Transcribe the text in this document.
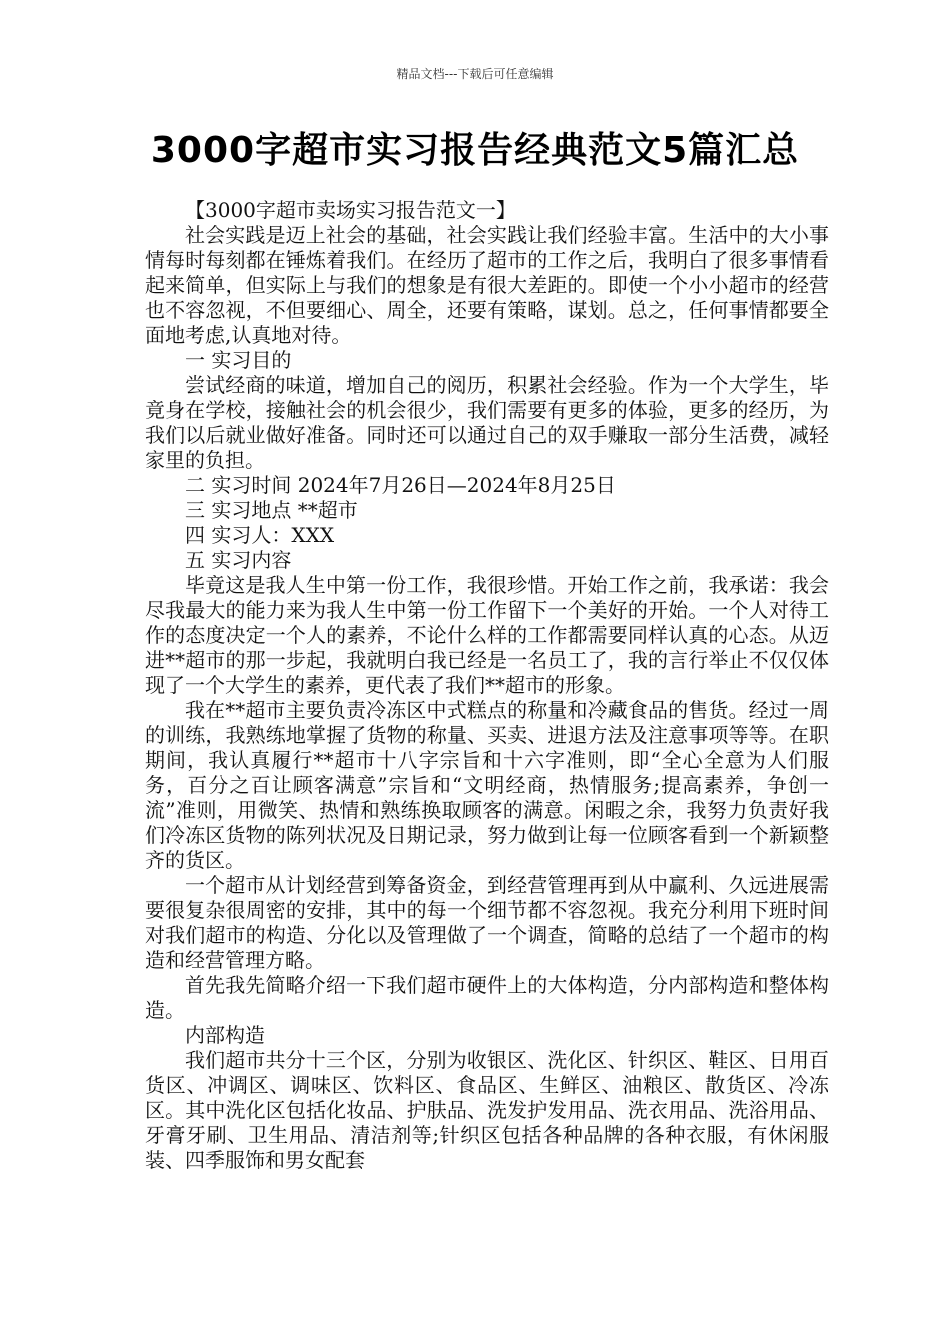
精品文档---下载后可任意编辑
3000字超市实习报告经典范文5篇汇总

【3000字超市卖场实习报告范文一】

社会实践是迈上社会的基础，社会实践让我们经验丰富。生活中的大小事情每时每刻都在锤炼着我们。在经历了超市的工作之后，我明白了很多事情看起来简单，但实际上与我们的想象是有很大差距的。即使一个小小超市的经营也不容忽视，不但要细心、周全，还要有策略，谋划。总之，任何事情都要全面地考虑,认真地对待。

一 实习目的

尝试经商的味道，增加自己的阅历，积累社会经验。作为一个大学生，毕竟身在学校，接触社会的机会很少，我们需要有更多的体验，更多的经历，为我们以后就业做好准备。同时还可以通过自己的双手赚取一部分生活费，减轻家里的负担。

二 实习时间 2024年7月26日—2024年8月25日

三 实习地点 **超市

四 实习人：XXX

五 实习内容

毕竟这是我人生中第一份工作，我很珍惜。开始工作之前，我承诺：我会尽我最大的能力来为我人生中第一份工作留下一个美好的开始。一个人对待工作的态度决定一个人的素养，不论什么样的工作都需要同样认真的心态。从迈进**超市的那一步起，我就明白我已经是一名员工了，我的言行举止不仅仅体现了一个大学生的素养，更代表了我们**超市的形象。

我在**超市主要负责冷冻区中式糕点的称量和冷藏食品的售货。经过一周的训练，我熟练地掌握了货物的称量、买卖、进退方法及注意事项等等。在职期间，我认真履行**超市十八字宗旨和十六字准则，即“全心全意为人们服务，百分之百让顾客满意”宗旨和“文明经商，热情服务;提高素养，争创一流”准则，用微笑、热情和熟练换取顾客的满意。闲暇之余，我努力负责好我们冷冻区货物的陈列状况及日期记录，努力做到让每一位顾客看到一个新颖整齐的货区。

一个超市从计划经营到筹备资金，到经营管理再到从中赢利、久远进展需要很复杂很周密的安排，其中的每一个细节都不容忽视。我充分利用下班时间对我们超市的构造、分化以及管理做了一个调查，简略的总结了一个超市的构造和经营管理方略。

首先我先简略介绍一下我们超市硬件上的大体构造，分内部构造和整体构造。

内部构造

我们超市共分十三个区，分别为收银区、洗化区、针织区、鞋区、日用百货区、冲调区、调味区、饮料区、食品区、生鲜区、油粮区、散货区、冷冻区。其中洗化区包括化妆品、护肤品、洗发护发用品、洗衣用品、洗浴用品、牙膏牙刷、卫生用品、清洁剂等;针织区包括各种品牌的各种衣服，有休闲服装、四季服饰和男女配套
